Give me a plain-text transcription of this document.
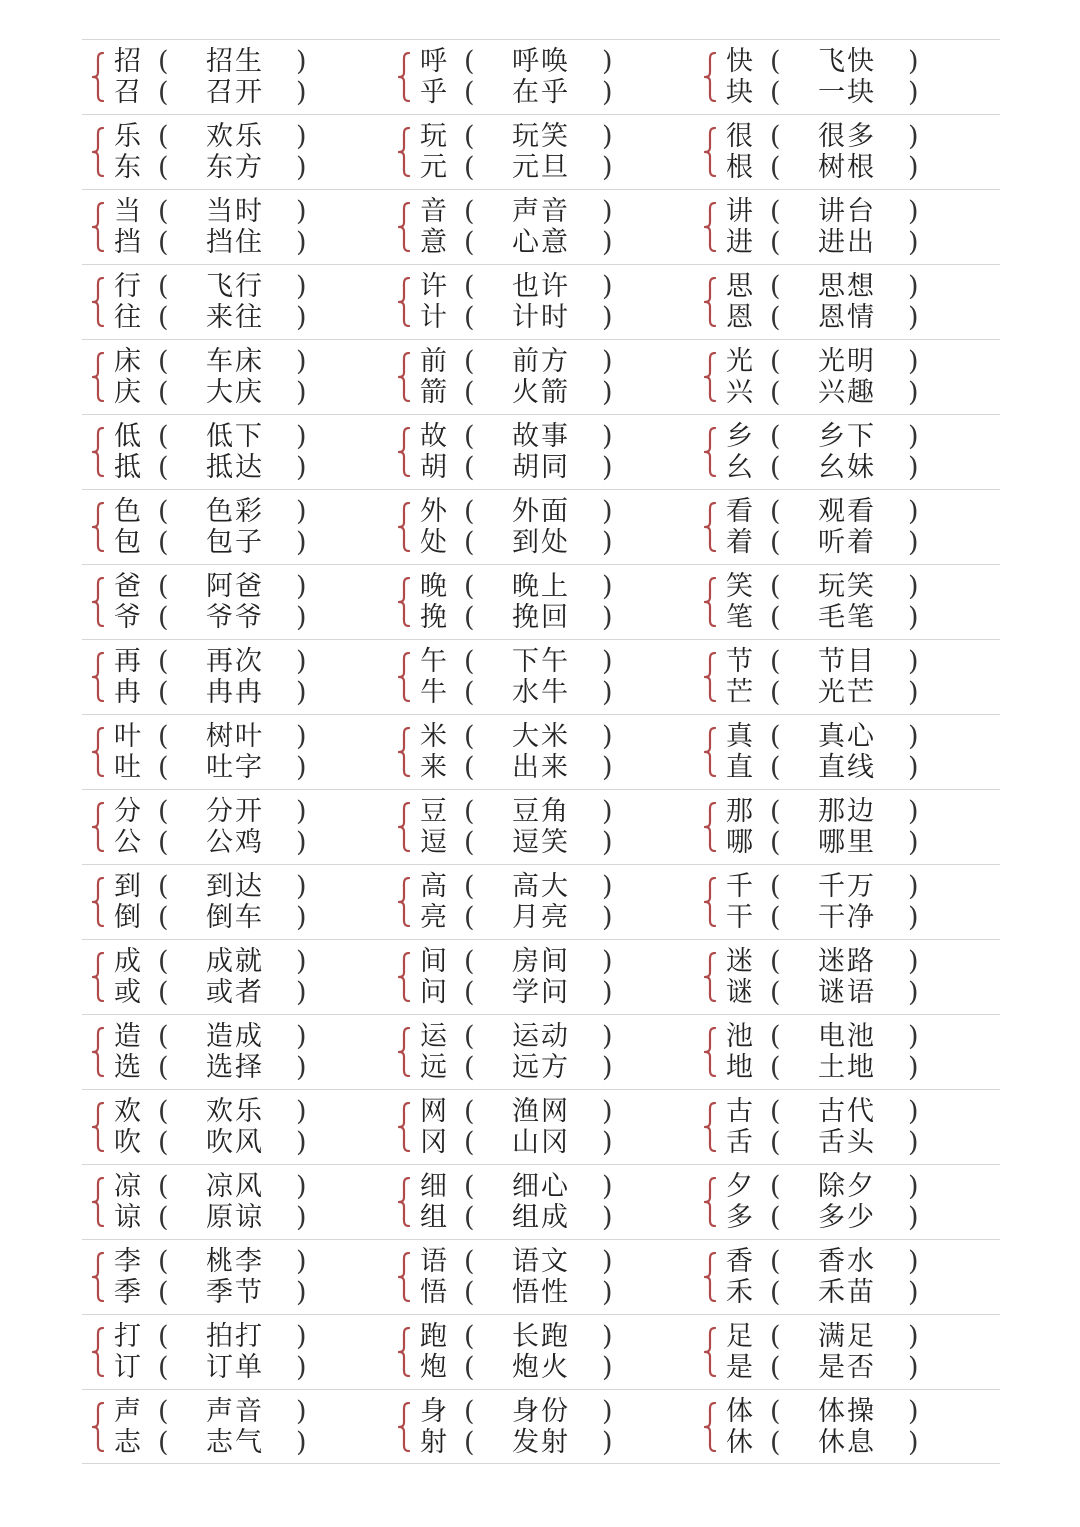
招 ( 招生 )
召 ( 召开 )
呼 ( 呼唤 )
乎 ( 在乎 )
快 ( 飞快 )
块 ( 一块 )
乐 ( 欢乐 )
东 ( 东方 )
玩 ( 玩笑 )
元 ( 元旦 )
很 ( 很多 )
根 ( 树根 )
当 ( 当时 )
挡 ( 挡住 )
音 ( 声音 )
意 ( 心意 )
讲 ( 讲台 )
进 ( 进出 )
行 ( 飞行 )
往 ( 来往 )
许 ( 也许 )
计 ( 计时 )
思 ( 思想 )
恩 ( 恩情 )
床 ( 车床 )
庆 ( 大庆 )
前 ( 前方 )
箭 ( 火箭 )
光 ( 光明 )
兴 ( 兴趣 )
低 ( 低下 )
抵 ( 抵达 )
故 ( 故事 )
胡 ( 胡同 )
乡 ( 乡下 )
幺 ( 幺妹 )
色 ( 色彩 )
包 ( 包子 )
外 ( 外面 )
处 ( 到处 )
看 ( 观看 )
着 ( 听着 )
爸 ( 阿爸 )
爷 ( 爷爷 )
晚 ( 晚上 )
挽 ( 挽回 )
笑 ( 玩笑 )
笔 ( 毛笔 )
再 ( 再次 )
冉 ( 冉冉 )
午 ( 下午 )
牛 ( 水牛 )
节 ( 节目 )
芒 ( 光芒 )
叶 ( 树叶 )
吐 ( 吐字 )
米 ( 大米 )
来 ( 出来 )
真 ( 真心 )
直 ( 直线 )
分 ( 分开 )
公 ( 公鸡 )
豆 ( 豆角 )
逗 ( 逗笑 )
那 ( 那边 )
哪 ( 哪里 )
到 ( 到达 )
倒 ( 倒车 )
高 ( 高大 )
亮 ( 月亮 )
千 ( 千万 )
干 ( 干净 )
成 ( 成就 )
或 ( 或者 )
间 ( 房间 )
问 ( 学问 )
迷 ( 迷路 )
谜 ( 谜语 )
造 ( 造成 )
选 ( 选择 )
运 ( 运动 )
远 ( 远方 )
池 ( 电池 )
地 ( 土地 )
欢 ( 欢乐 )
吹 ( 吹风 )
网 ( 渔网 )
冈 ( 山冈 )
古 ( 古代 )
舌 ( 舌头 )
凉 ( 凉风 )
谅 ( 原谅 )
细 ( 细心 )
组 ( 组成 )
夕 ( 除夕 )
多 ( 多少 )
李 ( 桃李 )
季 ( 季节 )
语 ( 语文 )
悟 ( 悟性 )
香 ( 香水 )
禾 ( 禾苗 )
打 ( 拍打 )
订 ( 订单 )
跑 ( 长跑 )
炮 ( 炮火 )
足 ( 满足 )
是 ( 是否 )
声 ( 声音 )
志 ( 志气 )
身 ( 身份 )
射 ( 发射 )
体 ( 体操 )
休 ( 休息 )
